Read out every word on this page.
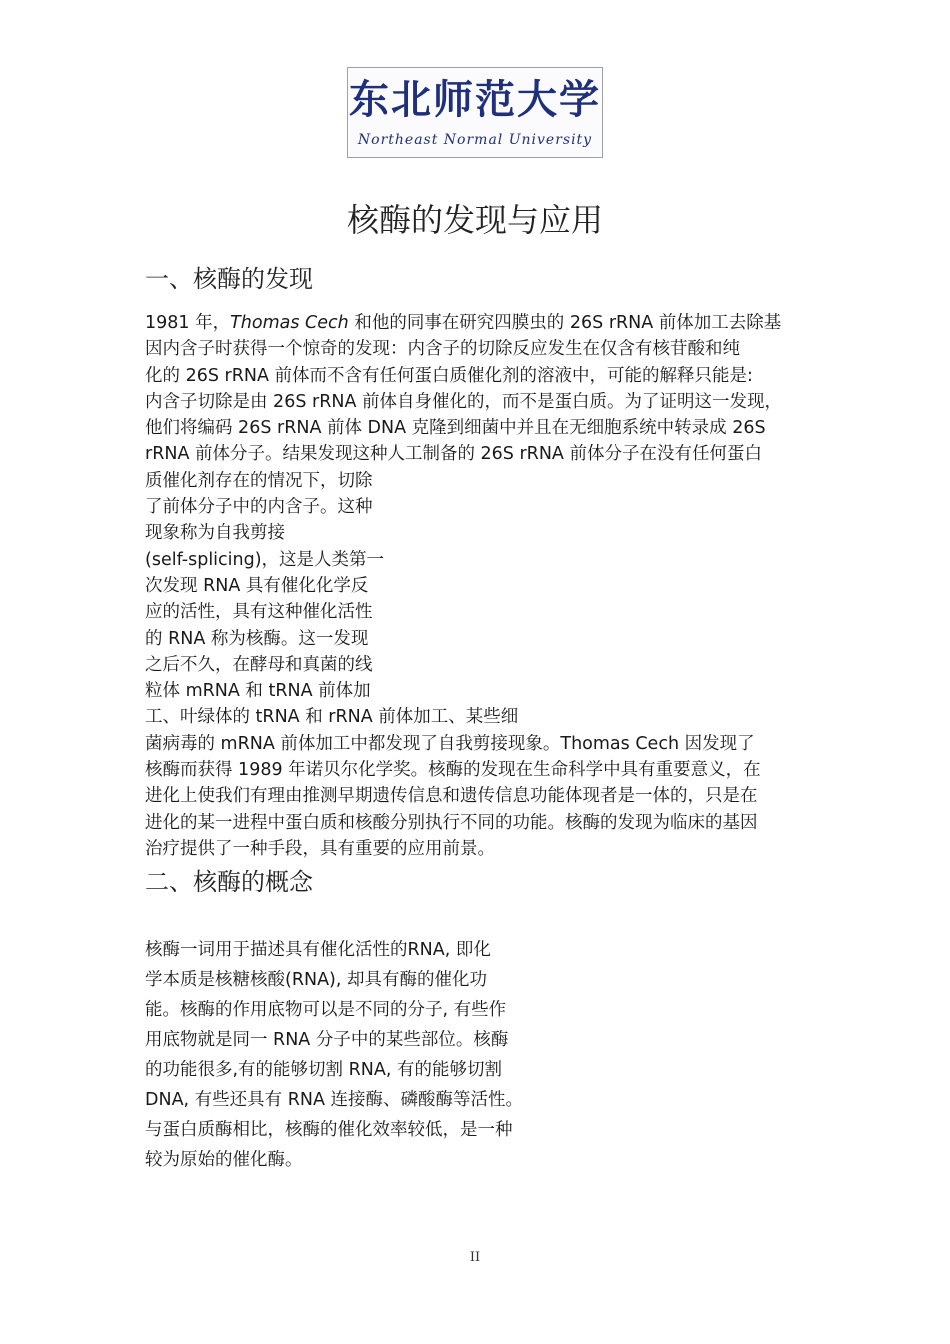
东北师范大学
Northeast Normal University
核酶的发现与应用
一、核酶的发现
1981 年，Thomas Cech 和他的同事在研究四膜虫的 26S rRNA 前体加工去除基
因内含子时获得一个惊奇的发现：内含子的切除反应发生在仅含有核苷酸和纯
化的 26S rRNA 前体而不含有任何蛋白质催化剂的溶液中，可能的解释只能是:
内含子切除是由 26S rRNA 前体自身催化的，而不是蛋白质。为了证明这一发现，
他们将编码 26S rRNA 前体 DNA 克隆到细菌中并且在无细胞系统中转录成 26S
rRNA 前体分子。结果发现这种人工制备的 26S rRNA 前体分子在没有任何蛋白
质催化剂存在的情况下，切除
了前体分子中的内含子。这种
现象称为自我剪接
(self-splicing)，这是人类第一
次发现 RNA 具有催化化学反
应的活性，具有这种催化活性
的 RNA 称为核酶。这一发现
之后不久，在酵母和真菌的线
粒体 mRNA 和 tRNA 前体加
工、叶绿体的 tRNA 和 rRNA 前体加工、某些细
菌病毒的 mRNA 前体加工中都发现了自我剪接现象。Thomas Cech 因发现了
核酶而获得 1989 年诺贝尔化学奖。核酶的发现在生命科学中具有重要意义，在
进化上使我们有理由推测早期遗传信息和遗传信息功能体现者是一体的，只是在
进化的某一进程中蛋白质和核酸分别执行不同的功能。核酶的发现为临床的基因
治疗提供了一种手段，具有重要的应用前景。
二、核酶的概念
核酶一词用于描述具有催化活性的RNA, 即化
学本质是核糖核酸(RNA), 却具有酶的催化功
能。核酶的作用底物可以是不同的分子, 有些作
用底物就是同一 RNA 分子中的某些部位。核酶
的功能很多,有的能够切割 RNA, 有的能够切割
DNA, 有些还具有 RNA 连接酶、磷酸酶等活性。
与蛋白质酶相比，核酶的催化效率较低，是一种
较为原始的催化酶。
II
